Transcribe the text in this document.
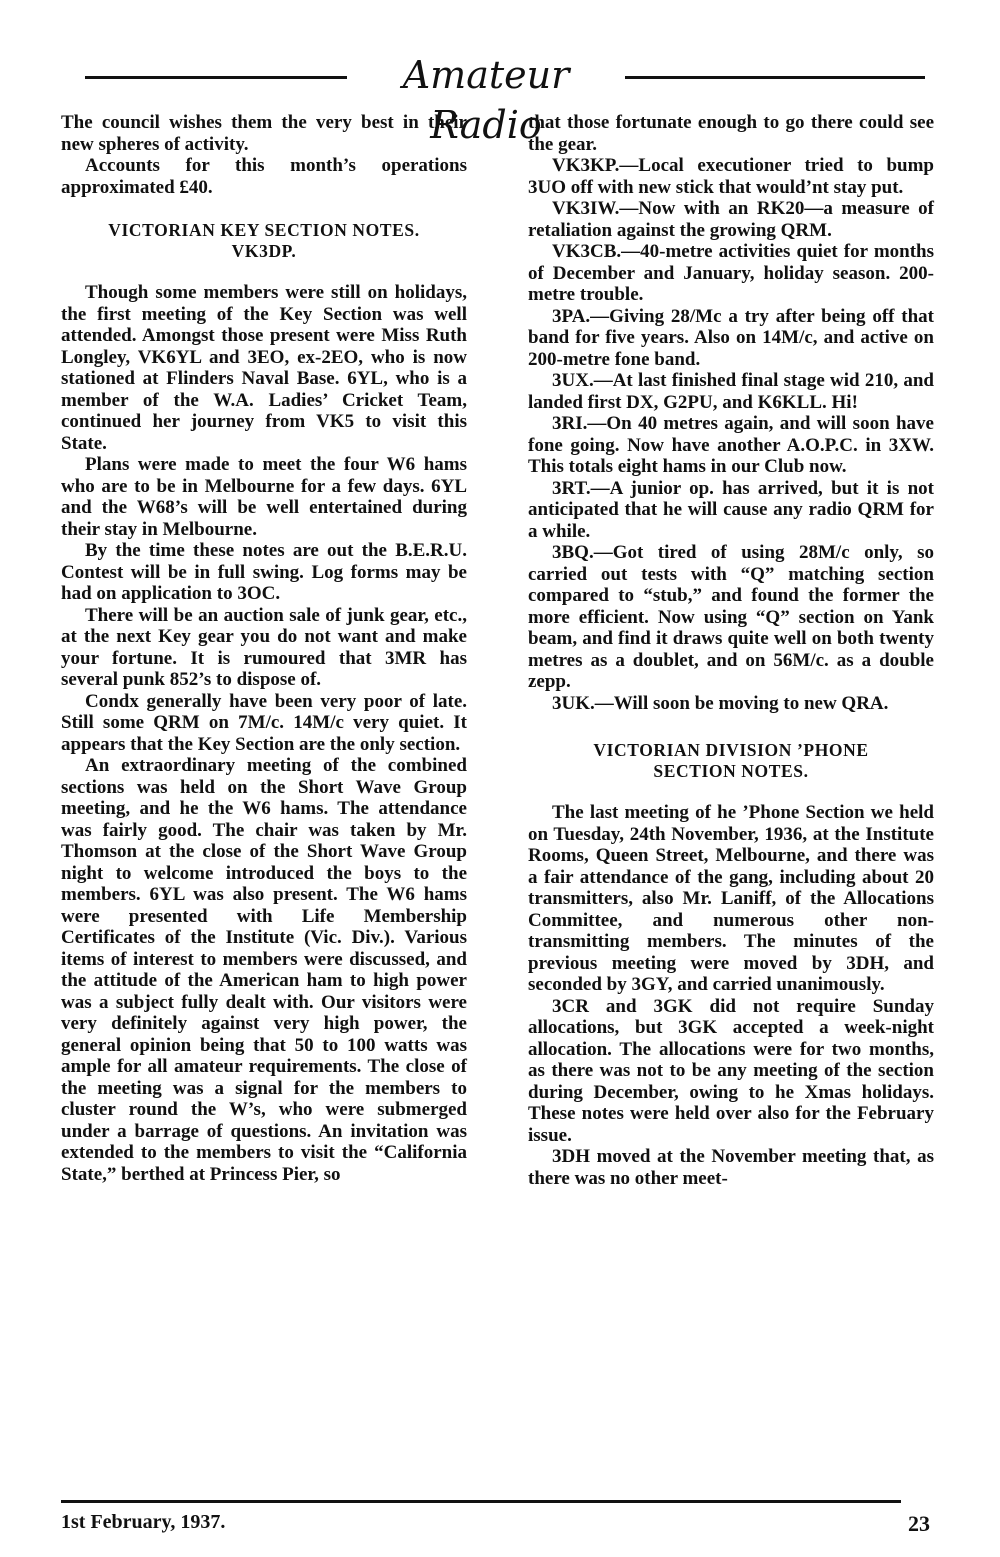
Amateur Radio

The council wishes them the very best in their new spheres of activity.

Accounts for this month’s operations approximated £40.

VICTORIAN KEY SECTION NOTES.
VK3DP.

Though some members were still on holidays, the first meeting of the Key Section was well attended. Amongst those present were Miss Ruth Longley, VK6YL and 3EO, ex-2EO, who is now stationed at Flinders Naval Base. 6YL, who is a member of the W.A. Ladies’ Cricket Team, continued her journey from VK5 to visit this State.

Plans were made to meet the four W6 hams who are to be in Melbourne for a few days. 6YL and the W68’s will be well entertained during their stay in Melbourne.

By the time these notes are out the B.E.R.U. Contest will be in full swing. Log forms may be had on application to 3OC.

There will be an auction sale of junk gear, etc., at the next Key gear you do not want and make your fortune. It is rumoured that 3MR has several punk 852’s to dispose of.

Condx generally have been very poor of late. Still some QRM on 7M/c. 14M/c very quiet. It appears that the Key Section are the only section.

An extraordinary meeting of the combined sections was held on the Short Wave Group meeting, and he the W6 hams. The attendance was fairly good. The chair was taken by Mr. Thomson at the close of the Short Wave Group night to welcome introduced the boys to the members. 6YL was also present. The W6 hams were presented with Life Membership Certificates of the Institute (Vic. Div.). Various items of interest to members were discussed, and the attitude of the American ham to high power was a subject fully dealt with. Our visitors were very definitely against very high power, the general opinion being that 50 to 100 watts was ample for all amateur requirements. The close of the meeting was a signal for the members to cluster round the W’s, who were submerged under a barrage of questions. An invitation was extended to the members to visit the “California State,” berthed at Princess Pier, so

that those fortunate enough to go there could see the gear.

VK3KP.—Local executioner tried to bump 3UO off with new stick that would’nt stay put.

VK3IW.—Now with an RK20—a measure of retaliation against the growing QRM.

VK3CB.—40-metre activities quiet for months of December and January, holiday season. 200-metre trouble.

3PA.—Giving 28/Mc a try after being off that band for five years. Also on 14M/c, and active on 200-metre fone band.

3UX.—At last finished final stage wid 210, and landed first DX, G2PU, and K6KLL. Hi!

3RI.—On 40 metres again, and will soon have fone going. Now have another A.O.P.C. in 3XW. This totals eight hams in our Club now.

3RT.—A junior op. has arrived, but it is not anticipated that he will cause any radio QRM for a while.

3BQ.—Got tired of using 28M/c only, so carried out tests with “Q” matching section compared to “stub,” and found the former the more efficient. Now using “Q” section on Yank beam, and find it draws quite well on both twenty metres as a doublet, and on 56M/c. as a double zepp.

3UK.—Will soon be moving to new QRA.

VICTORIAN DIVISION ’PHONE
SECTION NOTES.

The last meeting of he ’Phone Section we held on Tuesday, 24th November, 1936, at the Institute Rooms, Queen Street, Melbourne, and there was a fair attendance of the gang, including about 20 transmitters, also Mr. Laniff, of the Allocations Committee, and numerous other non-transmitting members. The minutes of the previous meeting were moved by 3DH, and seconded by 3GY, and carried unanimously.

3CR and 3GK did not require Sunday allocations, but 3GK accepted a week-night allocation. The allocations were for two months, as there was not to be any meeting of the section during December, owing to he Xmas holidays. These notes were held over also for the February issue.

3DH moved at the November meeting that, as there was no other meet-

1st February, 1937.	23
